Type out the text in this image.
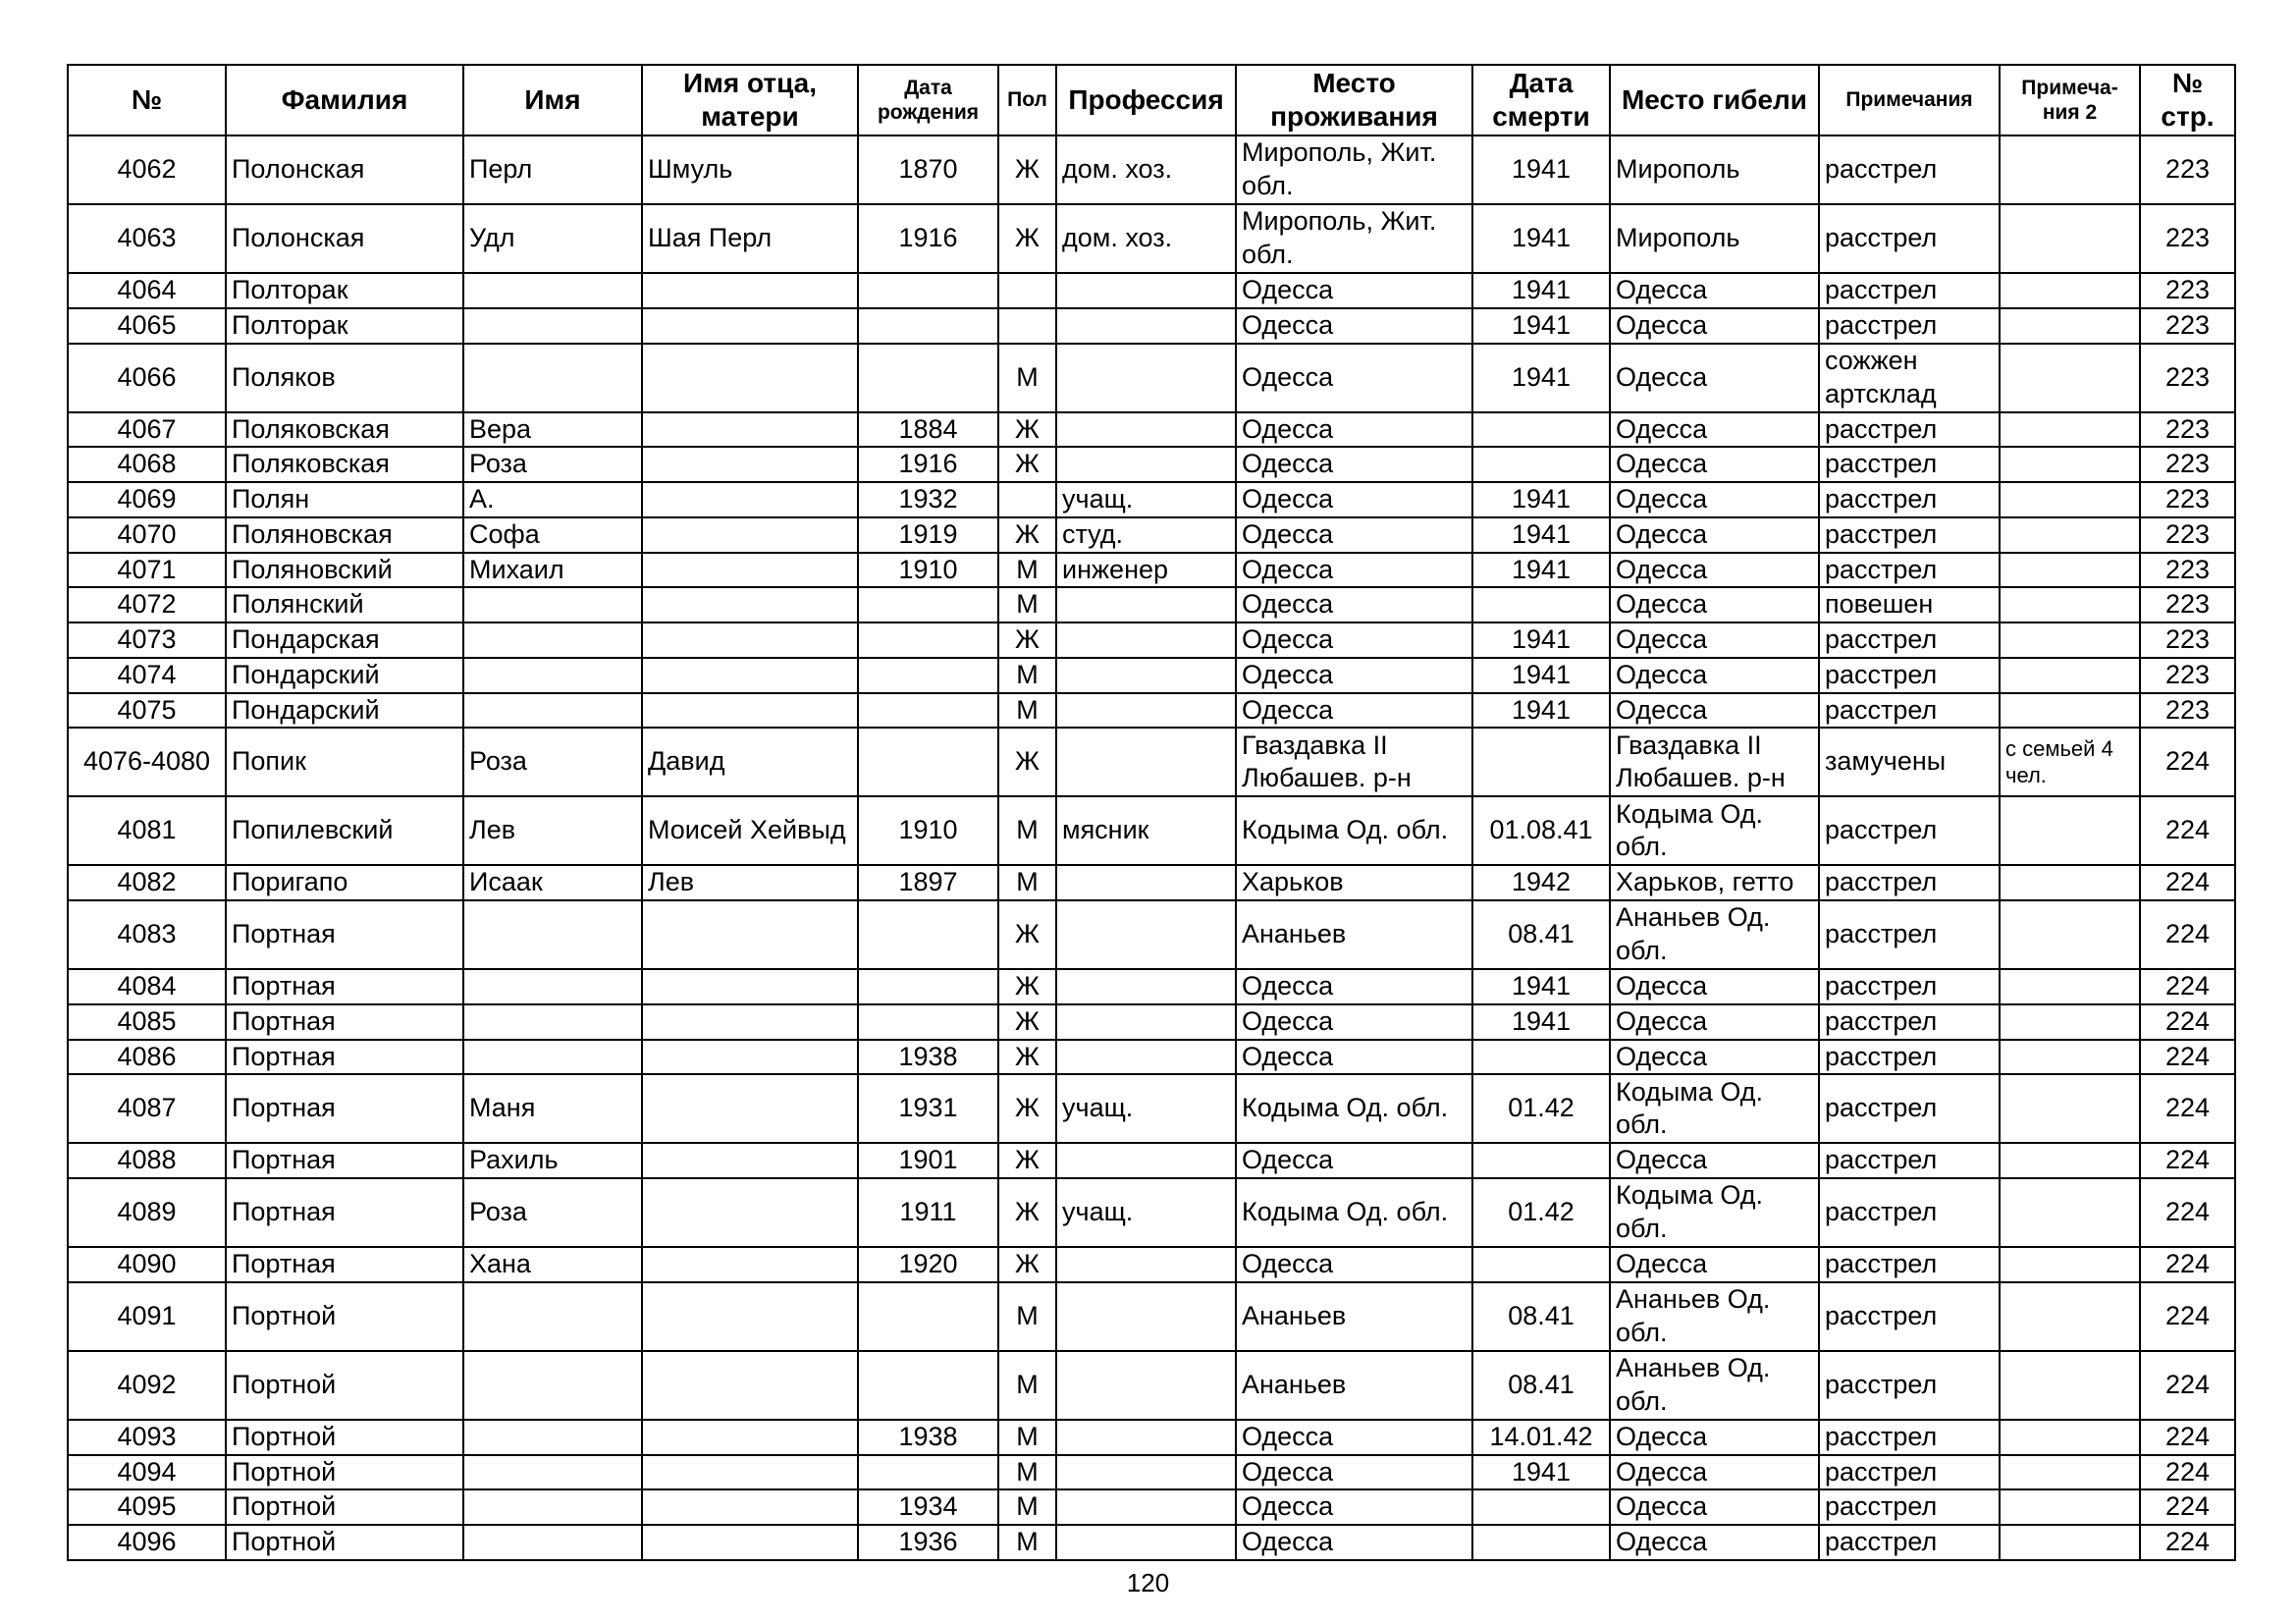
№	Фамилия	Имя	Имя отца, матери	Дата рождения	Пол	Профессия	Место проживания	Дата смерти	Место гибели	Примечания	Примеча-ния 2	№ стр.
4062	Полонская	Перл	Шмуль	1870	Ж	дом. хоз.	Мирополь, Жит. обл.	1941	Мирополь	расстрел		223
4063	Полонская	Удл	Шая Перл	1916	Ж	дом. хоз.	Мирополь, Жит. обл.	1941	Мирополь	расстрел		223
4064	Полторак						Одесса	1941	Одесса	расстрел		223
4065	Полторак						Одесса	1941	Одесса	расстрел		223
4066	Поляков				М		Одесса	1941	Одесса	сожжен артсклад		223
4067	Поляковская	Вера		1884	Ж		Одесса		Одесса	расстрел		223
4068	Поляковская	Роза		1916	Ж		Одесса		Одесса	расстрел		223
4069	Полян	А.		1932		учащ.	Одесса	1941	Одесса	расстрел		223
4070	Поляновская	Софа		1919	Ж	студ.	Одесса	1941	Одесса	расстрел		223
4071	Поляновский	Михаил		1910	М	инженер	Одесса	1941	Одесса	расстрел		223
4072	Полянский				М		Одесса		Одесса	повешен		223
4073	Пондарская				Ж		Одесса	1941	Одесса	расстрел		223
4074	Пондарский				М		Одесса	1941	Одесса	расстрел		223
4075	Пондарский				М		Одесса	1941	Одесса	расстрел		223
4076-4080	Попик	Роза	Давид		Ж		Гваздавка II Любашев. р-н		Гваздавка II Любашев. р-н	замучены	с семьей 4 чел.	224
4081	Попилевский	Лев	Моисей Хейвыд	1910	М	мясник	Кодыма Од. обл.	01.08.41	Кодыма Од. обл.	расстрел		224
4082	Поригапо	Исаак	Лев	1897	М		Харьков	1942	Харьков, гетто	расстрел		224
4083	Портная				Ж		Ананьев	08.41	Ананьев Од. обл.	расстрел		224
4084	Портная				Ж		Одесса	1941	Одесса	расстрел		224
4085	Портная				Ж		Одесса	1941	Одесса	расстрел		224
4086	Портная			1938	Ж		Одесса		Одесса	расстрел		224
4087	Портная	Маня		1931	Ж	учащ.	Кодыма Од. обл.	01.42	Кодыма Од. обл.	расстрел		224
4088	Портная	Рахиль		1901	Ж		Одесса		Одесса	расстрел		224
4089	Портная	Роза		1911	Ж	учащ.	Кодыма Од. обл.	01.42	Кодыма Од. обл.	расстрел		224
4090	Портная	Хана		1920	Ж		Одесса		Одесса	расстрел		224
4091	Портной				М		Ананьев	08.41	Ананьев Од. обл.	расстрел		224
4092	Портной				М		Ананьев	08.41	Ананьев Од. обл.	расстрел		224
4093	Портной			1938	М		Одесса	14.01.42	Одесса	расстрел		224
4094	Портной				М		Одесса	1941	Одесса	расстрел		224
4095	Портной			1934	М		Одесса		Одесса	расстрел		224
4096	Портной			1936	М		Одесса		Одесса	расстрел		224
120
